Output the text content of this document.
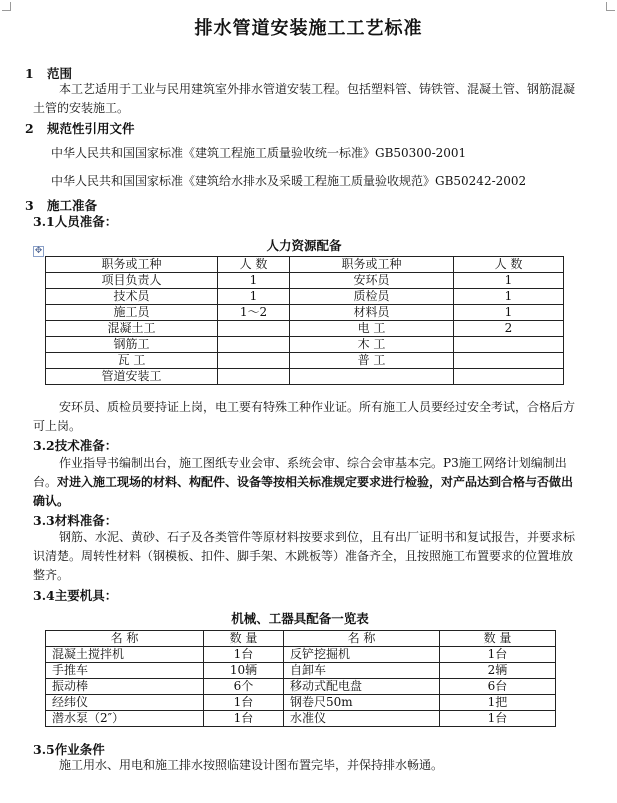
排水管道安装施工工艺标准
1 范围
本工艺适用于工业与民用建筑室外排水管道安装工程。包括塑料管、铸铁管、混凝土管、钢筋混凝土管的安装施工。
2 规范性引用文件
中华人民共和国国家标准《建筑工程施工质量验收统一标准》GB50300-2001
中华人民共和国国家标准《建筑给水排水及采暖工程施工质量验收规范》GB50242-2002
3 施工准备
3.1人员准备：
人力资源配备
✥
职务或工种	人 数	职务或工种	人 数
项目负责人	1	安环员	1
技术员	1	质检员	1
施工员	1～2	材料员	1
混凝土工		电 工	2
钢筋工		木 工	
瓦 工		普 工	
管道安装工			
安环员、质检员要持证上岗，电工要有特殊工种作业证。所有施工人员要经过安全考试，合格后方可上岗。
3.2技术准备：
作业指导书编制出台，施工图纸专业会审、系统会审、综合会审基本完。P3施工网络计划编制出台。对进入施工现场的材料、构配件、设备等按相关标准规定要求进行检验，对产品达到合格与否做出确认。
3.3材料准备：
钢筋、水泥、黄砂、石子及各类管件等原材料按要求到位，且有出厂证明书和复试报告，并要求标识清楚。周转性材料（钢模板、扣件、脚手架、木跳板等）准备齐全，且按照施工布置要求的位置堆放整齐。
3.4主要机具：
机械、工器具配备一览表
名 称	数 量	名 称	数 量
混凝土搅拌机	1台	反铲挖掘机	1台
手推车	10辆	自卸车	2辆
振动棒	6个	移动式配电盘	6台
经纬仪	1台	钢卷尺50m	1把
潜水泵（2″）	1台	水准仪	1台
3.5作业条件
施工用水、用电和施工排水按照临建设计图布置完毕，并保持排水畅通。
